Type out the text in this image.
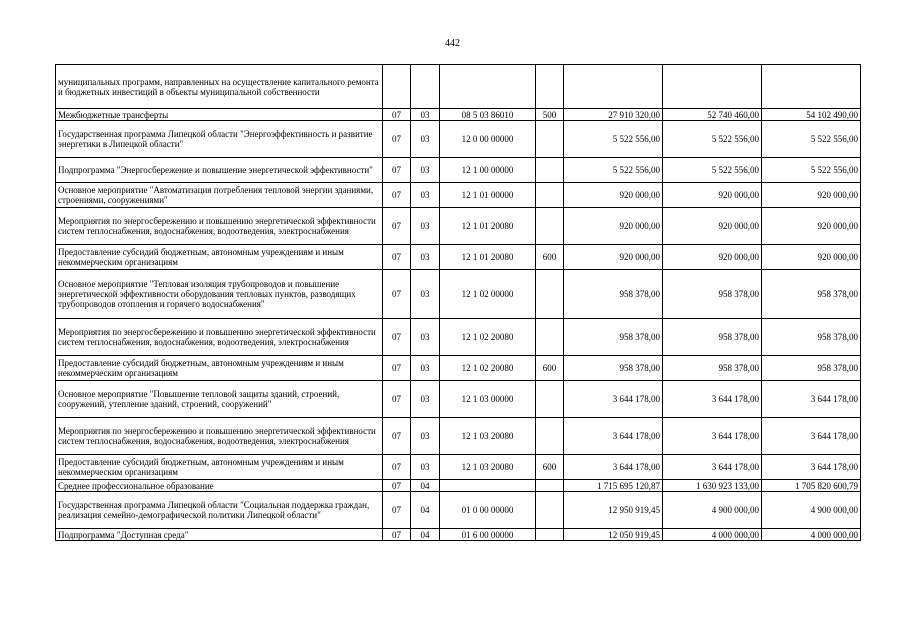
442
муниципальных программ, направленных на осуществление капитального ремонта и бюджетных инвестиций в объекты муниципальной собственности							
Межбюджетные трансферты	07	03	08 5 03 86010	500	27 910 320,00	52 740 460,00	54 102 490,00
Государственная программа Липецкой области "Энергоэффективность и развитие энергетики в Липецкой области"	07	03	12 0 00 00000		5 522 556,00	5 522 556,00	5 522 556,00
Подпрограмма "Энергосбережение и повышение энергетической эффективности"	07	03	12 1 00 00000		5 522 556,00	5 522 556,00	5 522 556,00
Основное мероприятие "Автоматизация потребления тепловой энергии зданиями, строениями, сооружениями"	07	03	12 1 01 00000		920 000,00	920 000,00	920 000,00
Мероприятия по энергосбережению и повышению энергетической эффективности систем теплоснабжения, водоснабжения, водоотведения, электроснабжения	07	03	12 1 01 20080		920 000,00	920 000,00	920 000,00
Предоставление субсидий бюджетным, автономным учреждениям и иным некоммерческим организациям	07	03	12 1 01 20080	600	920 000,00	920 000,00	920 000,00
Основное мероприятие "Тепловая изоляция трубопроводов и повышение энергетической эффективности оборудования тепловых пунктов, разводящих трубопроводов отопления и горячего водоснабжения"	07	03	12 1 02 00000		958 378,00	958 378,00	958 378,00
Мероприятия по энергосбережению и повышению энергетической эффективности систем теплоснабжения, водоснабжения, водоотведения, электроснабжения	07	03	12 1 02 20080		958 378,00	958 378,00	958 378,00
Предоставление субсидий бюджетным, автономным учреждениям и иным некоммерческим организациям	07	03	12 1 02 20080	600	958 378,00	958 378,00	958 378,00
Основное мероприятие "Повышение тепловой защиты зданий, строений, сооружений, утепление зданий, строений, сооружений"	07	03	12 1 03 00000		3 644 178,00	3 644 178,00	3 644 178,00
Мероприятия по энергосбережению и повышению энергетической эффективности систем теплоснабжения, водоснабжения, водоотведения, электроснабжения	07	03	12 1 03 20080		3 644 178,00	3 644 178,00	3 644 178,00
Предоставление субсидий бюджетным, автономным учреждениям и иным некоммерческим организациям	07	03	12 1 03 20080	600	3 644 178,00	3 644 178,00	3 644 178,00
Среднее профессиональное образование	07	04			1 715 695 120,87	1 630 923 133,00	1 705 820 600,79
Государственная программа Липецкой области "Социальная поддержка граждан, реализация семейно-демографической политики Липецкой области"	07	04	01 0 00 00000		12 950 919,45	4 900 000,00	4 900 000,00
Подпрограмма "Доступная среда"	07	04	01 6 00 00000		12 050 919,45	4 000 000,00	4 000 000,00
